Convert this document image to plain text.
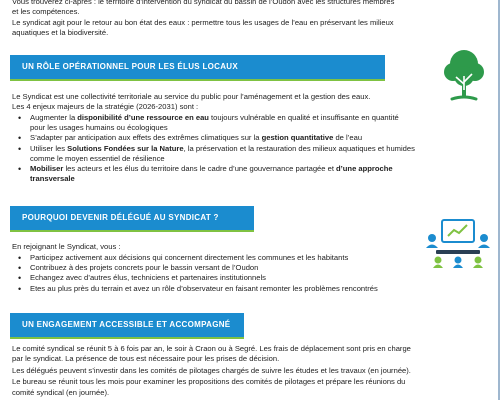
Vous trouverez ci-après : le territoire d’intervention du syndicat du bassin de l’Oudon avec les structures membres

et les compétences.

Le syndicat agit pour le retour au bon état des eaux : permettre tous les usages de l’eau en préservant les milieux

aquatiques et la biodiversité.

UN RÔLE OPÉRATIONNEL POUR LES ÉLUS LOCAUX

Le Syndicat est une collectivité territoriale au service du public pour l’aménagement et la gestion des eaux.

Les 4 enjeux majeurs de la stratégie (2026-2031) sont :

• Augmenter la disponibilité d’une ressource en eau toujours vulnérable en qualité et insuffisante en quantité
pour les usages humains ou écologiques
• S’adapter par anticipation aux effets des extrêmes climatiques sur la gestion quantitative de l’eau
• Utiliser les Solutions Fondées sur la Nature, la préservation et la restauration des milieux aquatiques et humides
comme le moyen essentiel de résilience
• Mobiliser les acteurs et les élus du territoire dans le cadre d’une gouvernance partagée et d’une approche
transversale
POURQUOI DEVENIR DÉLÉGUÉ AU SYNDICAT ?

En rejoignant le Syndicat, vous :

• Participez activement aux décisions qui concernent directement les communes et les habitants
• Contribuez à des projets concrets pour le bassin versant de l’Oudon
• Echangez avec d’autres élus, techniciens et partenaires institutionnels
• Etes au plus près du terrain et avez un rôle d’observateur en faisant remonter les problèmes rencontrés
UN ENGAGEMENT ACCESSIBLE ET ACCOMPAGNÉ

Le comité syndical se réunit 5 à 6 fois par an, le soir à Craon ou à Segré. Les frais de déplacement sont pris en charge

par le syndicat. La présence de tous est nécessaire pour les prises de décision.

Les délégués peuvent s’investir dans les comités de pilotages chargés de suivre les études et les travaux (en journée).

Le bureau se réunit tous les mois pour examiner les propositions des comités de pilotages et prépare les réunions du

comité syndical (en journée).
